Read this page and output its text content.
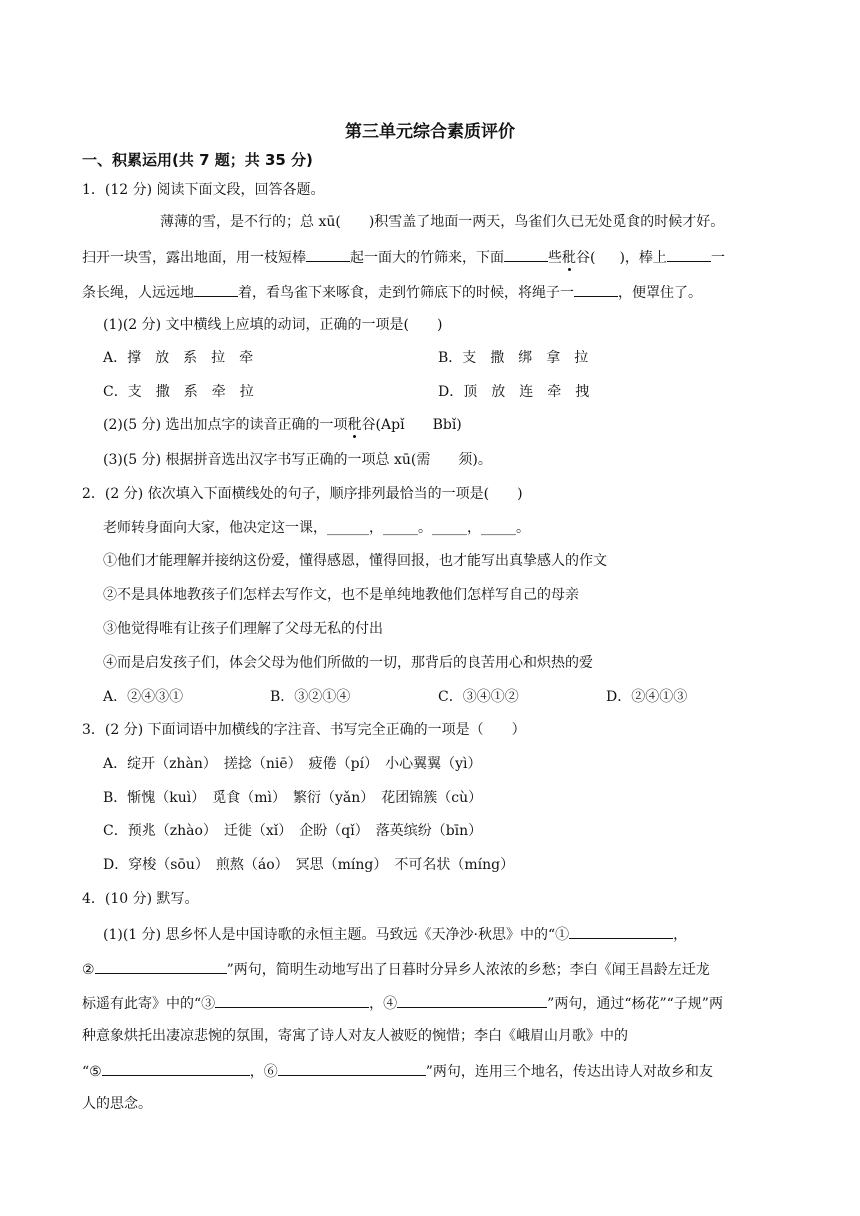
第三单元综合素质评价
一、积累运用(共 7 题；共 35 分)
1．(12 分) 阅读下面文段，回答各题。
薄薄的雪，是不行的；总 xū( )积雪盖了地面一两天，鸟雀们久已无处觅食的时候才好。
扫开一块雪，露出地面，用一枝短棒	起一面大的竹筛来，下面	些秕谷( )，棒上	一
条长绳，人远远地	着，看鸟雀下来啄食，走到竹筛底下的时候，将绳子一	，便罩住了。
(1)(2 分) 文中横线上应填的动词，正确的一项是(　　)
A．撑　放　系　拉　牵	B．支　撒　绑　拿　拉
C．支　撒　系　牵　拉	D．顶　放　连　牵　拽
(2)(5 分) 选出加点字的读音正确的一项秕谷(Apǐ　　Bbǐ)
(3)(5 分) 根据拼音选出汉字书写正确的一项总 xū(需　　须)。
2．(2 分) 依次填入下面横线处的句子，顺序排列最恰当的一项是(　　)
老师转身面向大家，他决定这一课，______，_____。_____，_____。
①他们才能理解并接纳这份爱，懂得感恩，懂得回报，也才能写出真挚感人的作文
②不是具体地教孩子们怎样去写作文，也不是单纯地教他们怎样写自己的母亲
③他觉得唯有让孩子们理解了父母无私的付出
④而是启发孩子们，体会父母为他们所做的一切，那背后的良苦用心和炽热的爱
A．②④③①	B．③②①④	C．③④①②	D．②④①③
3．(2 分) 下面词语中加横线的字注音、书写完全正确的一项是（　　）
A．绽开（zhàn）　搓捻（niē）　疲倦（pí）　小心翼翼（yì）
B．惭愧（kuì）　觅食（mì）　繁衍（yǎn）　花团锦簇（cù）
C．预兆（zhào）　迁徙（xǐ）　企盼（qǐ）　落英缤纷（bīn）
D．穿梭（sōu）　煎熬（áo）　冥思（míng）　不可名状（míng）
4．(10 分) 默写。
(1)(1 分) 思乡怀人是中国诗歌的永恒主题。马致远《天净沙·秋思》中的“①	，
②	”两句，简明生动地写出了日暮时分异乡人浓浓的乡愁；李白《闻王昌龄左迁龙
标遥有此寄》中的“③	，④	”两句，通过“杨花”“子规”两
种意象烘托出凄凉悲惋的氛围，寄寓了诗人对友人被贬的惋惜；李白《峨眉山月歌》中的
“⑤	，⑥	”两句，连用三个地名，传达出诗人对故乡和友
人的思念。
